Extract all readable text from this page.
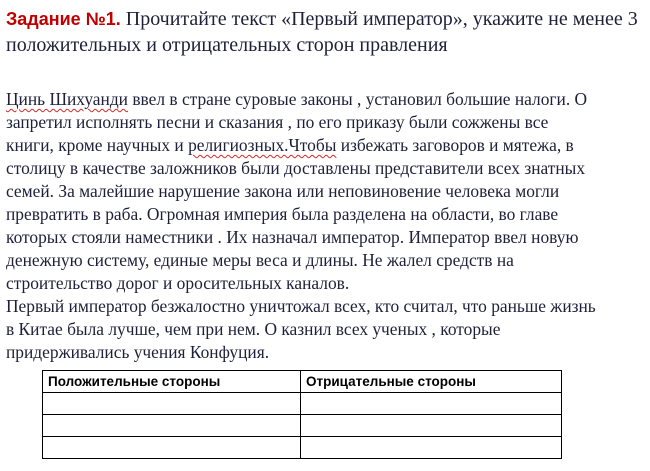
Задание №1. Прочитайте текст «Первый император», укажите не менее 3 положительных и отрицательных сторон правления
Цинь Шихуанди ввел в стране суровые законы , установил большие налоги. О
запретил исполнять песни и сказания , по его приказу были сожжены все
книги, кроме научных и религиозных.Чтобы избежать заговоров и мятежа, в
столицу в качестве заложников были доставлены представители всех знатных
семей. За малейшие нарушение закона или неповиновение человека могли
превратить в раба. Огромная империя была разделена на области, во главе
которых стояли наместники . Их назначал император. Император ввел новую
денежную систему, единые меры веса и длины. Не жалел средств на
строительство дорог и оросительных каналов.
Первый император безжалостно уничтожал всех, кто считал, что раньше жизнь
в Китае была лучше, чем при нем. О казнил всех ученых , которые
придерживались учения Конфуция.
Положительные стороны	Отрицательные стороны
